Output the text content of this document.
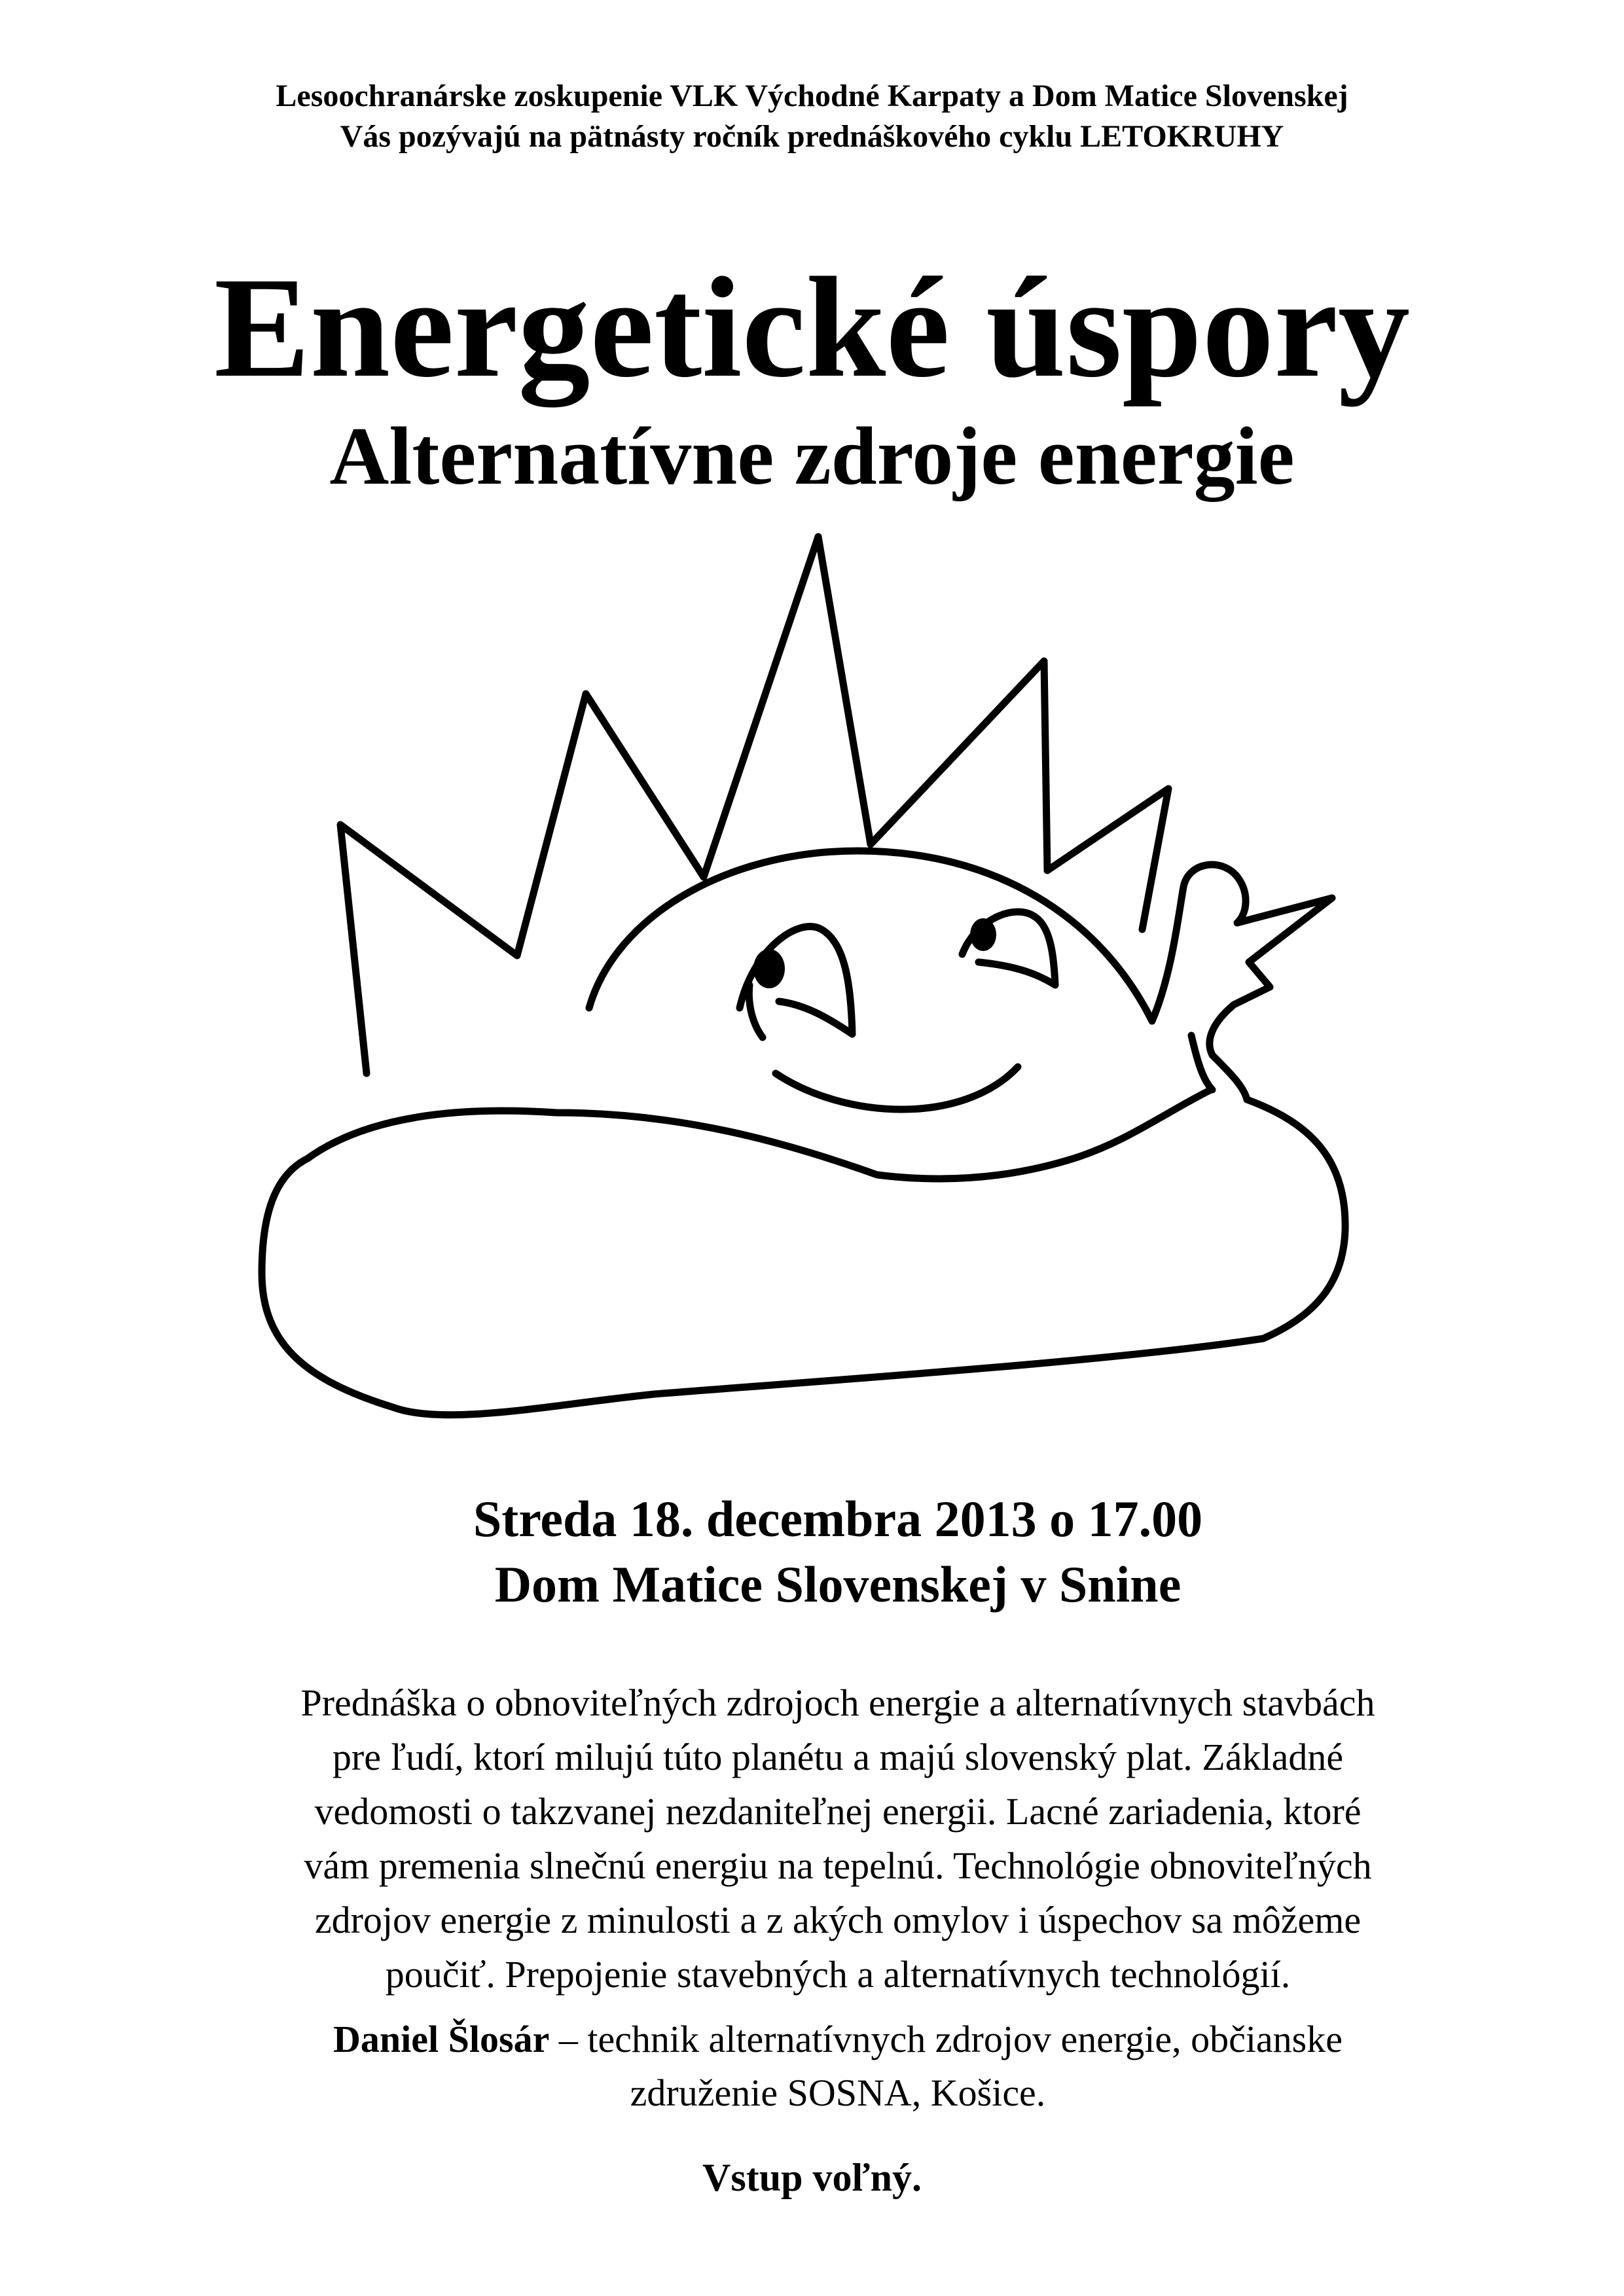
Lesoochranárske zoskupenie VLK Východné Karpaty a Dom Matice Slovenskej
Vás pozývajú na pätnásty ročník prednáškového cyklu LETOKRUHY
Energetické úspory
Alternatívne zdroje energie
Streda 18. decembra 2013 o 17.00
Dom Matice Slovenskej v Snine
Prednáška o obnoviteľných zdrojoch energie a alternatívnych stavbách
pre ľudí, ktorí milujú túto planétu a majú slovenský plat. Základné
vedomosti o takzvanej nezdaniteľnej energii. Lacné zariadenia, ktoré
vám premenia slnečnú energiu na tepelnú. Technológie obnoviteľných
zdrojov energie z minulosti a z akých omylov i úspechov sa môžeme
poučiť. Prepojenie stavebných a alternatívnych technológií.
Daniel Šlosár – technik alternatívnych zdrojov energie, občianske
združenie SOSNA, Košice.
Vstup voľný.
